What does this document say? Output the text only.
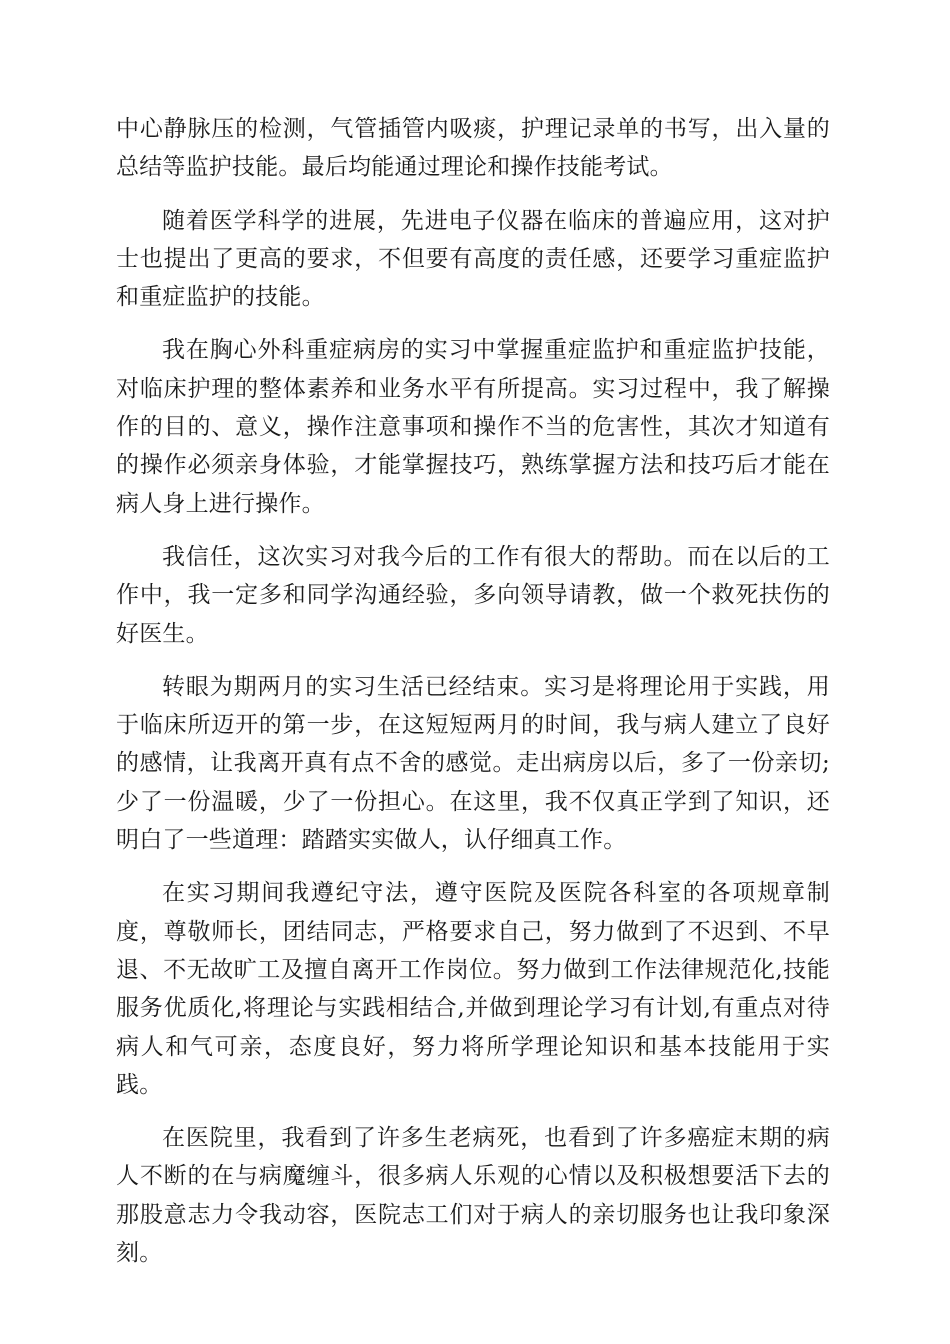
中心静脉压的检测，气管插管内吸痰，护理记录单的书写，出入量的总结等监护技能。最后均能通过理论和操作技能考试。

随着医学科学的进展，先进电子仪器在临床的普遍应用，这对护士也提出了更高的要求，不但要有高度的责任感，还要学习重症监护和重症监护的技能。

我在胸心外科重症病房的实习中掌握重症监护和重症监护技能，对临床护理的整体素养和业务水平有所提高。实习过程中，我了解操作的目的、意义，操作注意事项和操作不当的危害性，其次才知道有的操作必须亲身体验，才能掌握技巧，熟练掌握方法和技巧后才能在病人身上进行操作。

我信任，这次实习对我今后的工作有很大的帮助。而在以后的工作中，我一定多和同学沟通经验，多向领导请教，做一个救死扶伤的好医生。

转眼为期两月的实习生活已经结束。实习是将理论用于实践，用于临床所迈开的第一步，在这短短两月的时间，我与病人建立了良好的感情，让我离开真有点不舍的感觉。走出病房以后，多了一份亲切;少了一份温暖，少了一份担心。在这里，我不仅真正学到了知识，还明白了一些道理：踏踏实实做人，认仔细真工作。

在实习期间我遵纪守法，遵守医院及医院各科室的各项规章制度，尊敬师长，团结同志，严格要求自己，努力做到了不迟到、不早退、不无故旷工及擅自离开工作岗位。努力做到工作法律规范化,技能服务优质化,将理论与实践相结合,并做到理论学习有计划,有重点对待病人和气可亲，态度良好，努力将所学理论知识和基本技能用于实践。

在医院里，我看到了许多生老病死，也看到了许多癌症末期的病人不断的在与病魔缠斗，很多病人乐观的心情以及积极想要活下去的那股意志力令我动容，医院志工们对于病人的亲切服务也让我印象深刻。
